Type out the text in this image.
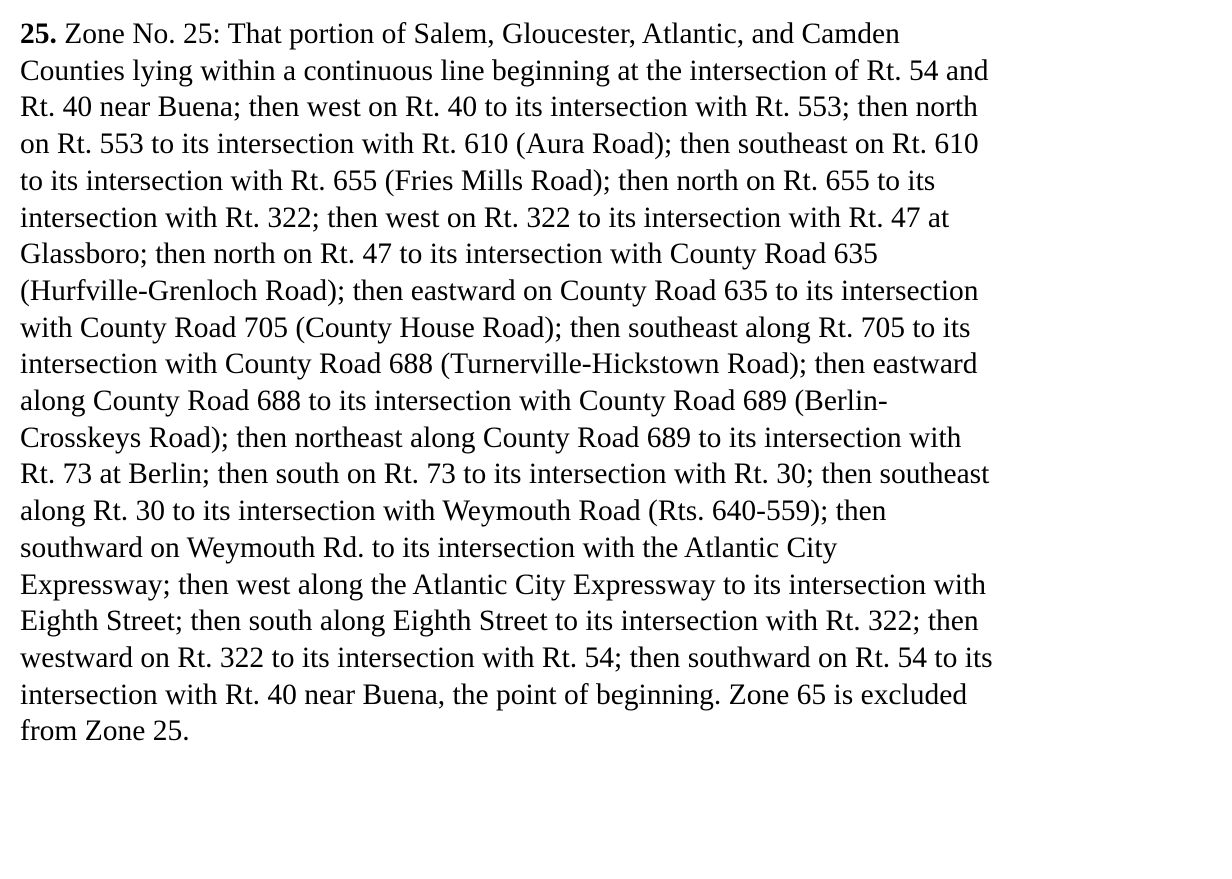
25. Zone No. 25: That portion of Salem, Gloucester, Atlantic, and Camden
Counties lying within a continuous line beginning at the intersection of Rt. 54 and
Rt. 40 near Buena; then west on Rt. 40 to its intersection with Rt. 553; then north
on Rt. 553 to its intersection with Rt. 610 (Aura Road); then southeast on Rt. 610
to its intersection with Rt. 655 (Fries Mills Road); then north on Rt. 655 to its
intersection with Rt. 322; then west on Rt. 322 to its intersection with Rt. 47 at
Glassboro; then north on Rt. 47 to its intersection with County Road 635
(Hurfville-Grenloch Road); then eastward on County Road 635 to its intersection
with County Road 705 (County House Road); then southeast along Rt. 705 to its
intersection with County Road 688 (Turnerville-Hickstown Road); then eastward
along County Road 688 to its intersection with County Road 689 (Berlin-
Crosskeys Road); then northeast along County Road 689 to its intersection with
Rt. 73 at Berlin; then south on Rt. 73 to its intersection with Rt. 30; then southeast
along Rt. 30 to its intersection with Weymouth Road (Rts. 640-559); then
southward on Weymouth Rd. to its intersection with the Atlantic City
Expressway; then west along the Atlantic City Expressway to its intersection with
Eighth Street; then south along Eighth Street to its intersection with Rt. 322; then
westward on Rt. 322 to its intersection with Rt. 54; then southward on Rt. 54 to its
intersection with Rt. 40 near Buena, the point of beginning. Zone 65 is excluded
from Zone 25.
